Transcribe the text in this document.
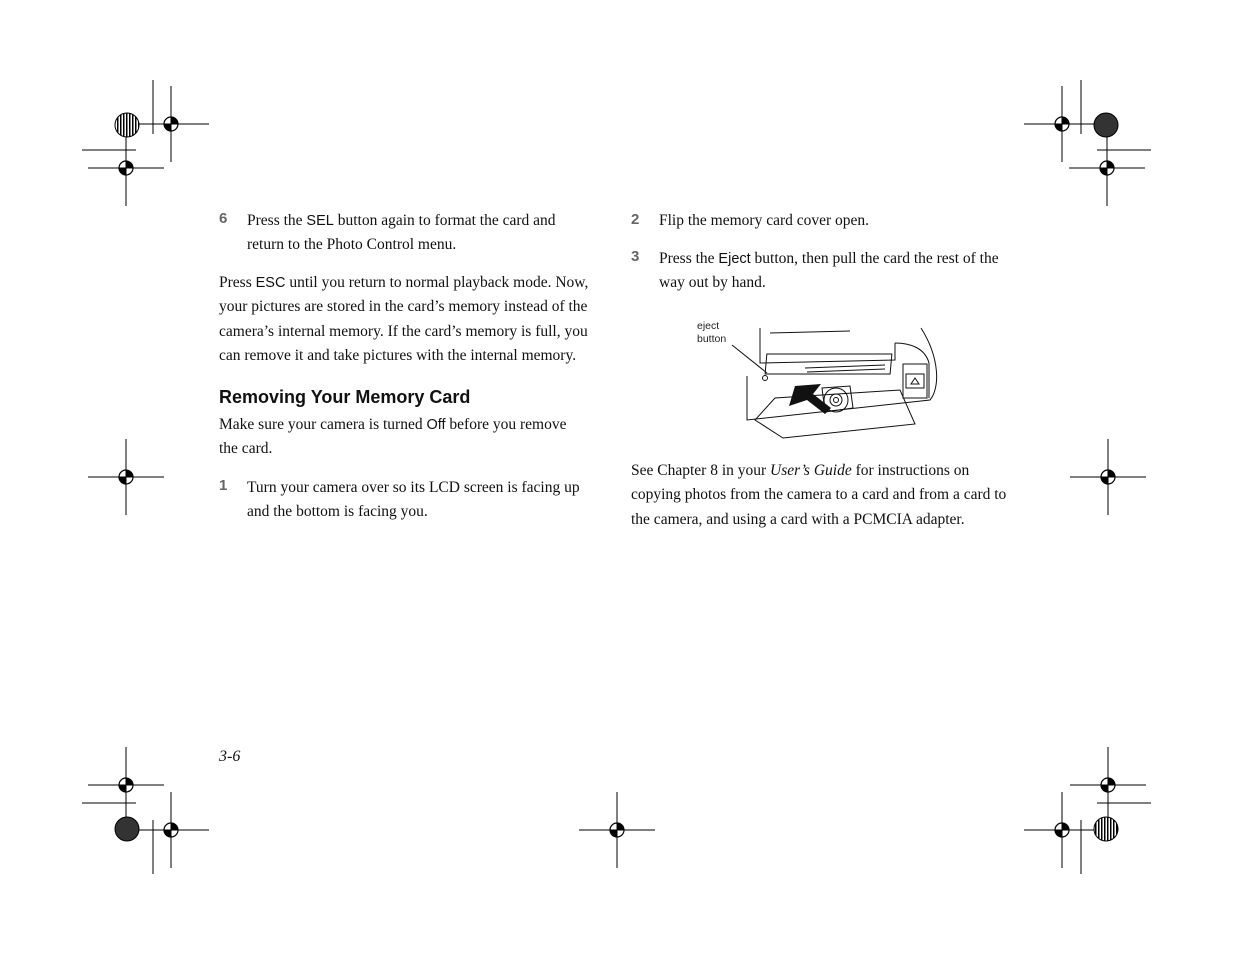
6 Press the SEL button again to format the card and return to the Photo Control menu.
Press ESC until you return to normal playback mode. Now, your pictures are stored in the card’s memory instead of the camera’s internal memory. If the card’s memory is full, you can remove it and take pictures with the internal memory.
Removing Your Memory Card
Make sure your camera is turned Off before you remove the card.
1 Turn your camera over so its LCD screen is facing up and the bottom is facing you.
3-6
2 Flip the memory card cover open.
3 Press the Eject button, then pull the card the rest of the way out by hand.
eject
button
See Chapter 8 in your User’s Guide for instructions on copying photos from the camera to a card and from a card to the camera, and using a card with a PCMCIA adapter.
